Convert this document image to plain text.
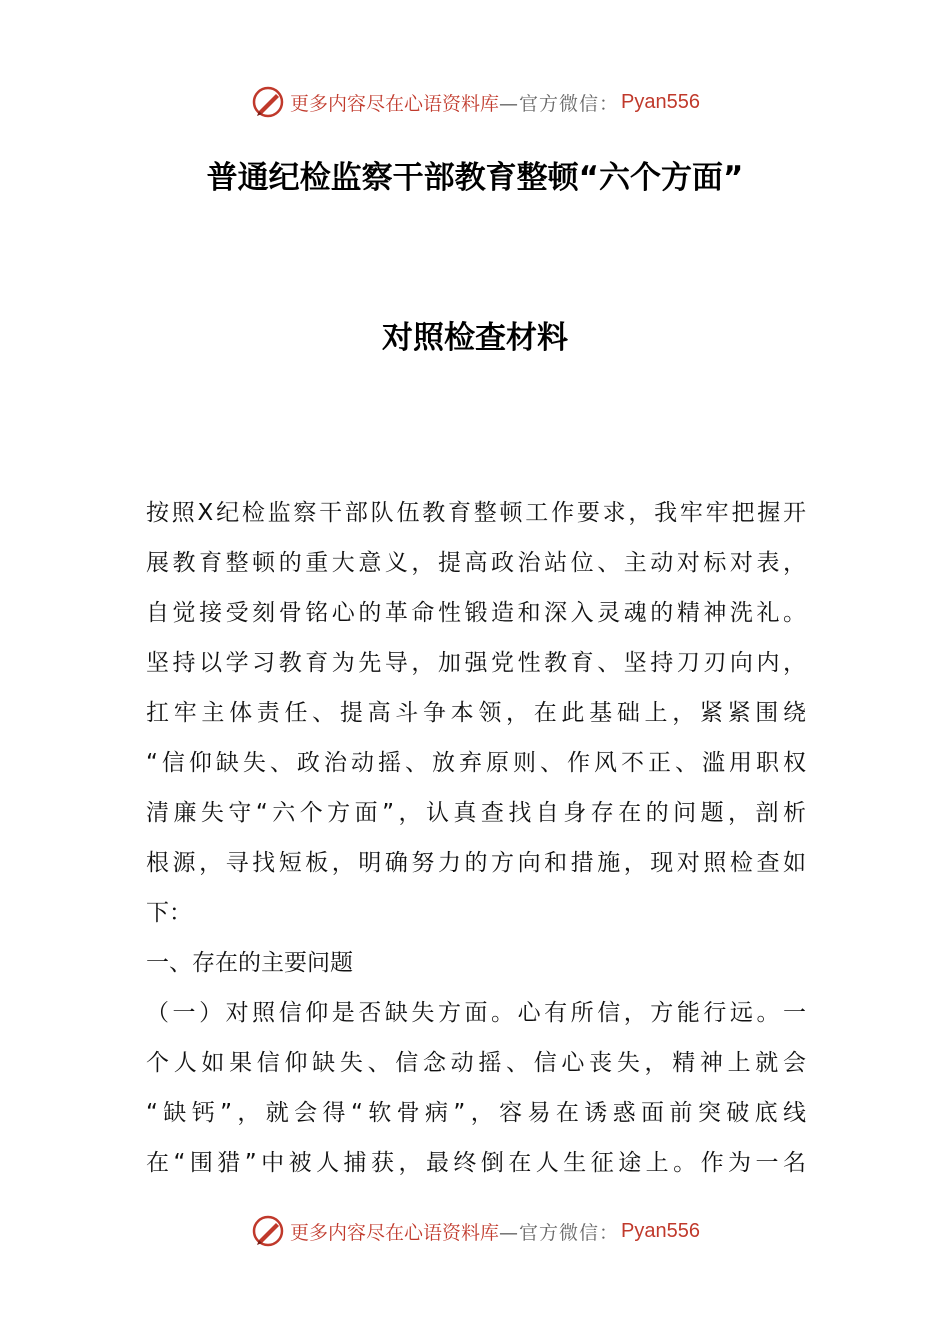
更多内容尽在心语资料库 —官方微信： Pyan556
普通纪检监察干部教育整顿“六个方面”
对照检查材料
按照X纪检监察干部队伍教育整顿工作要求，我牢牢把握开
展教育整顿的重大意义，提高政治站位、主动对标对表，
自觉接受刻骨铭心的革命性锻造和深入灵魂的精神洗礼。
坚持以学习教育为先导，加强党性教育、坚持刀刃向内，
扛牢主体责任、提高斗争本领，在此基础上，紧紧围绕
“信仰缺失、政治动摇、放弃原则、作风不正、滥用职权
清廉失守“六个方面”，认真查找自身存在的问题，剖析
根源，寻找短板，明确努力的方向和措施，现对照检查如
下：
一、存在的主要问题
（一）对照信仰是否缺失方面。心有所信，方能行远。一
个人如果信仰缺失、信念动摇、信心丧失，精神上就会
“缺钙”，就会得“软骨病”，容易在诱惑面前突破底线
在“围猎”中被人捕获，最终倒在人生征途上。作为一名
更多内容尽在心语资料库 —官方微信： Pyan556
